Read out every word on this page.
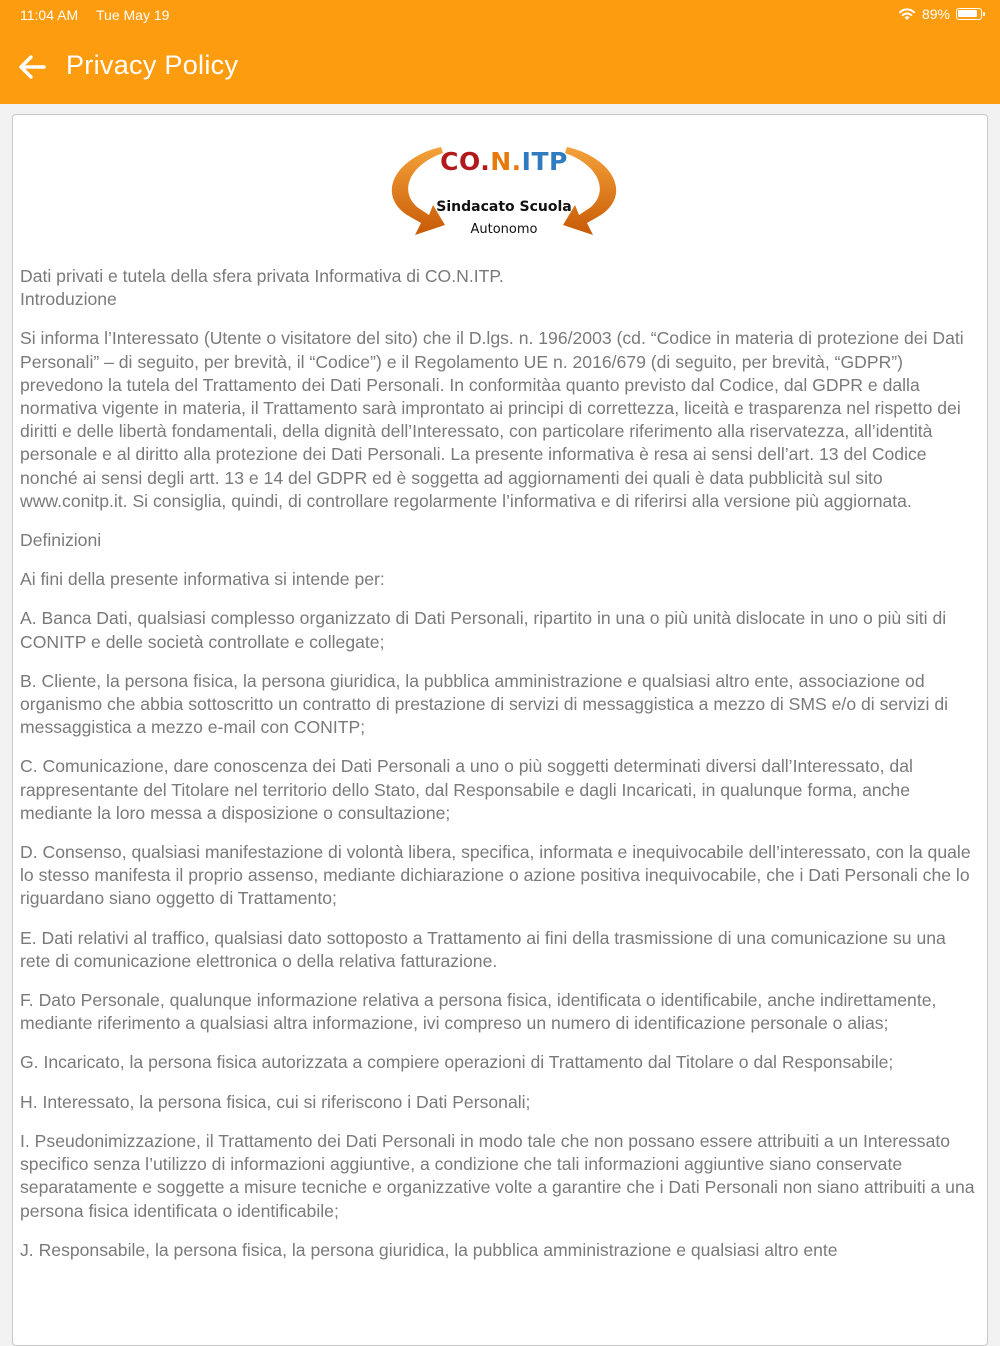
11:04 AM Tue May 19	89%
Privacy Policy
CO.N.ITP
Sindacato Scuola
Autonomo
Dati privati e tutela della sfera privata Informativa di CO.N.ITP.
Introduzione

Si informa l’Interessato (Utente o visitatore del sito) che il D.lgs. n. 196/2003 (cd. “Codice in materia di protezione dei Dati Personali” – di seguito, per brevità, il “Codice”) e il Regolamento UE n. 2016/679 (di seguito, per brevità, “GDPR”) prevedono la tutela del Trattamento dei Dati Personali. In conformitàa quanto previsto dal Codice, dal GDPR e dalla normativa vigente in materia, il Trattamento sarà improntato ai principi di correttezza, liceità e trasparenza nel rispetto dei diritti e delle libertà fondamentali, della dignità dell’Interessato, con particolare riferimento alla riservatezza, all’identità personale e al diritto alla protezione dei Dati Personali. La presente informativa è resa ai sensi dell’art. 13 del Codice nonché ai sensi degli artt. 13 e 14 del GDPR ed è soggetta ad aggiornamenti dei quali è data pubblicità sul sito www.conitp.it. Si consiglia, quindi, di controllare regolarmente l’informativa e di riferirsi alla versione più aggiornata.

Definizioni

Ai fini della presente informativa si intende per:

A. Banca Dati, qualsiasi complesso organizzato di Dati Personali, ripartito in una o più unità dislocate in uno o più siti di CONITP e delle società controllate e collegate;

B. Cliente, la persona fisica, la persona giuridica, la pubblica amministrazione e qualsiasi altro ente, associazione od organismo che abbia sottoscritto un contratto di prestazione di servizi di messaggistica a mezzo di SMS e/o di servizi di messaggistica a mezzo e-mail con CONITP;

C. Comunicazione, dare conoscenza dei Dati Personali a uno o più soggetti determinati diversi dall’Interessato, dal rappresentante del Titolare nel territorio dello Stato, dal Responsabile e dagli Incaricati, in qualunque forma, anche mediante la loro messa a disposizione o consultazione;

D. Consenso, qualsiasi manifestazione di volontà libera, specifica, informata e inequivocabile dell’interessato, con la quale lo stesso manifesta il proprio assenso, mediante dichiarazione o azione positiva inequivocabile, che i Dati Personali che lo riguardano siano oggetto di Trattamento;

E. Dati relativi al traffico, qualsiasi dato sottoposto a Trattamento ai fini della trasmissione di una comunicazione su una rete di comunicazione elettronica o della relativa fatturazione.

F. Dato Personale, qualunque informazione relativa a persona fisica, identificata o identificabile, anche indirettamente, mediante riferimento a qualsiasi altra informazione, ivi compreso un numero di identificazione personale o alias;

G. Incaricato, la persona fisica autorizzata a compiere operazioni di Trattamento dal Titolare o dal Responsabile;

H. Interessato, la persona fisica, cui si riferiscono i Dati Personali;

I. Pseudonimizzazione, il Trattamento dei Dati Personali in modo tale che non possano essere attribuiti a un Interessato specifico senza l’utilizzo di informazioni aggiuntive, a condizione che tali informazioni aggiuntive siano conservate separatamente e soggette a misure tecniche e organizzative volte a garantire che i Dati Personali non siano attribuiti a una persona fisica identificata o identificabile;

J. Responsabile, la persona fisica, la persona giuridica, la pubblica amministrazione e qualsiasi altro ente
